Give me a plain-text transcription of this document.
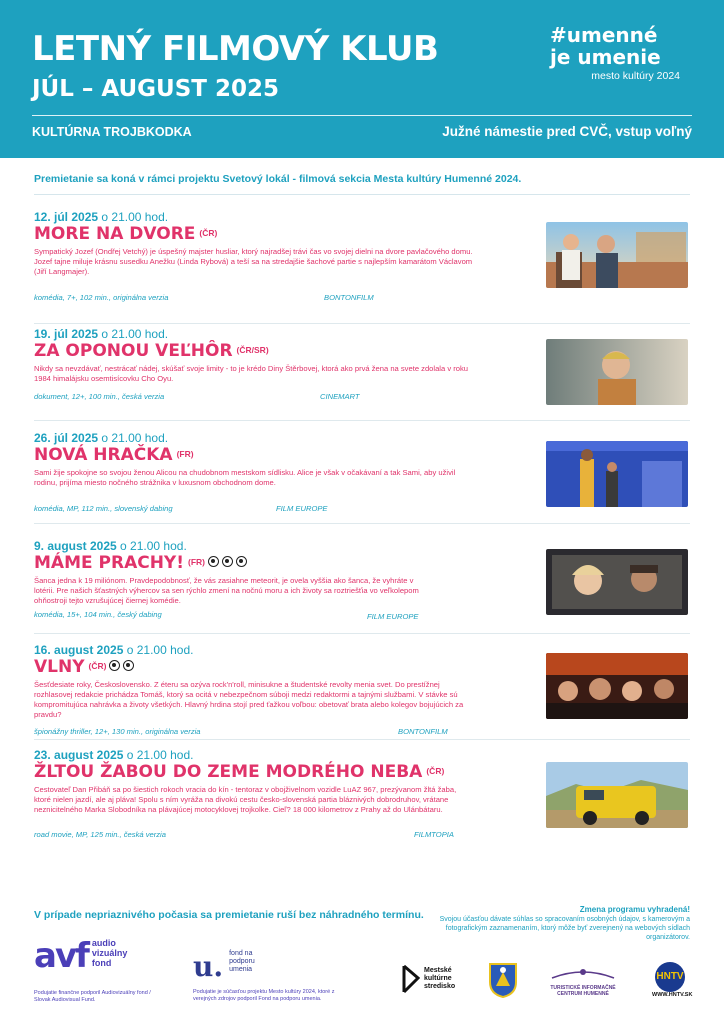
LETNÝ FILMOVÝ KLUB
JÚL – AUGUST 2025
#umenné
je umenie
mesto kultúry 2024
KULTÚRNA TROJBKODKA	Južné námestie pred CVČ, vstup voľný
Premietanie sa koná v rámci projektu Svetový lokál - filmová sekcia Mesta kultúry Humenné 2024.
12. júl 2025 o 21.00 hod.
MORE NA DVORE (ČR)
Sympatický Jozef (Ondřej Vetchý) je úspešný majster husliar, ktorý najradšej trávi čas vo svojej dielni na dvore pavlačového domu. Jozef tajne miluje krásnu susedku Anežku (Linda Rybová) a teší sa na stredajšie šachové partie s najlepším kamarátom Václavom (Jiří Langmajer).
komédia, 7+, 102 min., originálna verzia	BONTONFILM
19. júl 2025 o 21.00 hod.
ZA OPONOU VEĽHÔR (ČR/SR)
Nikdy sa nevzdávať, nestrácať nádej, skúšať svoje limity - to je krédo Diny Štěrbovej, ktorá ako prvá žena na svete zdolala v roku 1984 himalájsku osemtisícovku Cho Oyu.
dokument, 12+, 100 min., česká verzia	CINEMART
26. júl 2025 o 21.00 hod.
NOVÁ HRAČKA (FR)
Sami žije spokojne so svojou ženou Alicou na chudobnom mestskom sídlisku. Alice je však v očakávaní a tak Sami, aby uživil rodinu, prijíma miesto nočného strážnika v luxusnom obchodnom dome.
komédia, MP, 112 min., slovenský dabing	FILM EUROPE
9. august 2025 o 21.00 hod.
MÁME PRACHY! (FR)
Šanca jedna k 19 miliónom. Pravdepodobnosť, že vás zasiahne meteorit, je ovela vyššia ako šanca, že vyhráte v lotérii. Pre našich šťastných výhercov sa sen rýchlo zmení na nočnú moru a ich životy sa roztriešťia vo veľkolepom ohňostroji tejto vzrušujúcej čiernej komédie.
komédia, 15+, 104 min., český dabing	FILM EUROPE
16. august 2025 o 21.00 hod.
VLNY (ČR)
Šesťdesiate roky, Československo. Z éteru sa ozýva rock'n'roll, minisukne a študentské revolty menia svet. Do prestížnej rozhlasovej redakcie prichádza Tomáš, ktorý sa ocitá v nebezpečnom súboji medzi redaktormi a tajnými službami. V stávke sú kompromitujúca nahrávka a životy všetkých. Hlavný hrdina stojí pred ťažkou voľbou: obetovať brata alebo kolegov bojujúcich za pravdu?
špionážny thriller, 12+, 130 min., originálna verzia	BONTONFILM
23. august 2025 o 21.00 hod.
ŽLTOU ŽABOU DO ZEME MODRÉHO NEBA (ČR)
Cestovateľ Dan Přibáň sa po šiestich rokoch vracia do kín - tentoraz v obojživelnom vozidle LuAZ 967, prezývanom žltá žaba, ktoré nielen jazdí, ale aj pláva! Spolu s ním vyráža na divokú cestu česko-slovenská partia bláznivých dobrodruhov, vrátane neznicitelného Marka Slobodníka na plávajúcej motocyklovej trojkolke. Cieľ? 18 000 kilometrov z Prahy až do Ulánbátaru.
road movie, MP, 125 min., česká verzia	FILMTOPIA
V prípade nepriaznivého počasia sa premietanie ruší bez náhradného termínu.	Zmena programu vyhradená!
Svojou účasťou dávate súhlas so spracovaním osobných údajov, s kamerovým a fotografickým zaznamenaním, ktorý môže byť zverejnený na webových sídlach organizátorov.
avf audio vizuálny fond
Podujatie finančne podporil Audiovizuálny fond / Slovak Audiovisual Fund.
u. fond na podporu umenia
Podujatie je súčasťou projektu Mesto kultúry 2024, ktoré z verejných zdrojov podporil Fond na podporu umenia.
Mestské kultúrne stredisko	TURISTICKÉ INFORMAČNÉ CENTRUM HUMENNÉ
HNTV
WWW.HNTV.SK
